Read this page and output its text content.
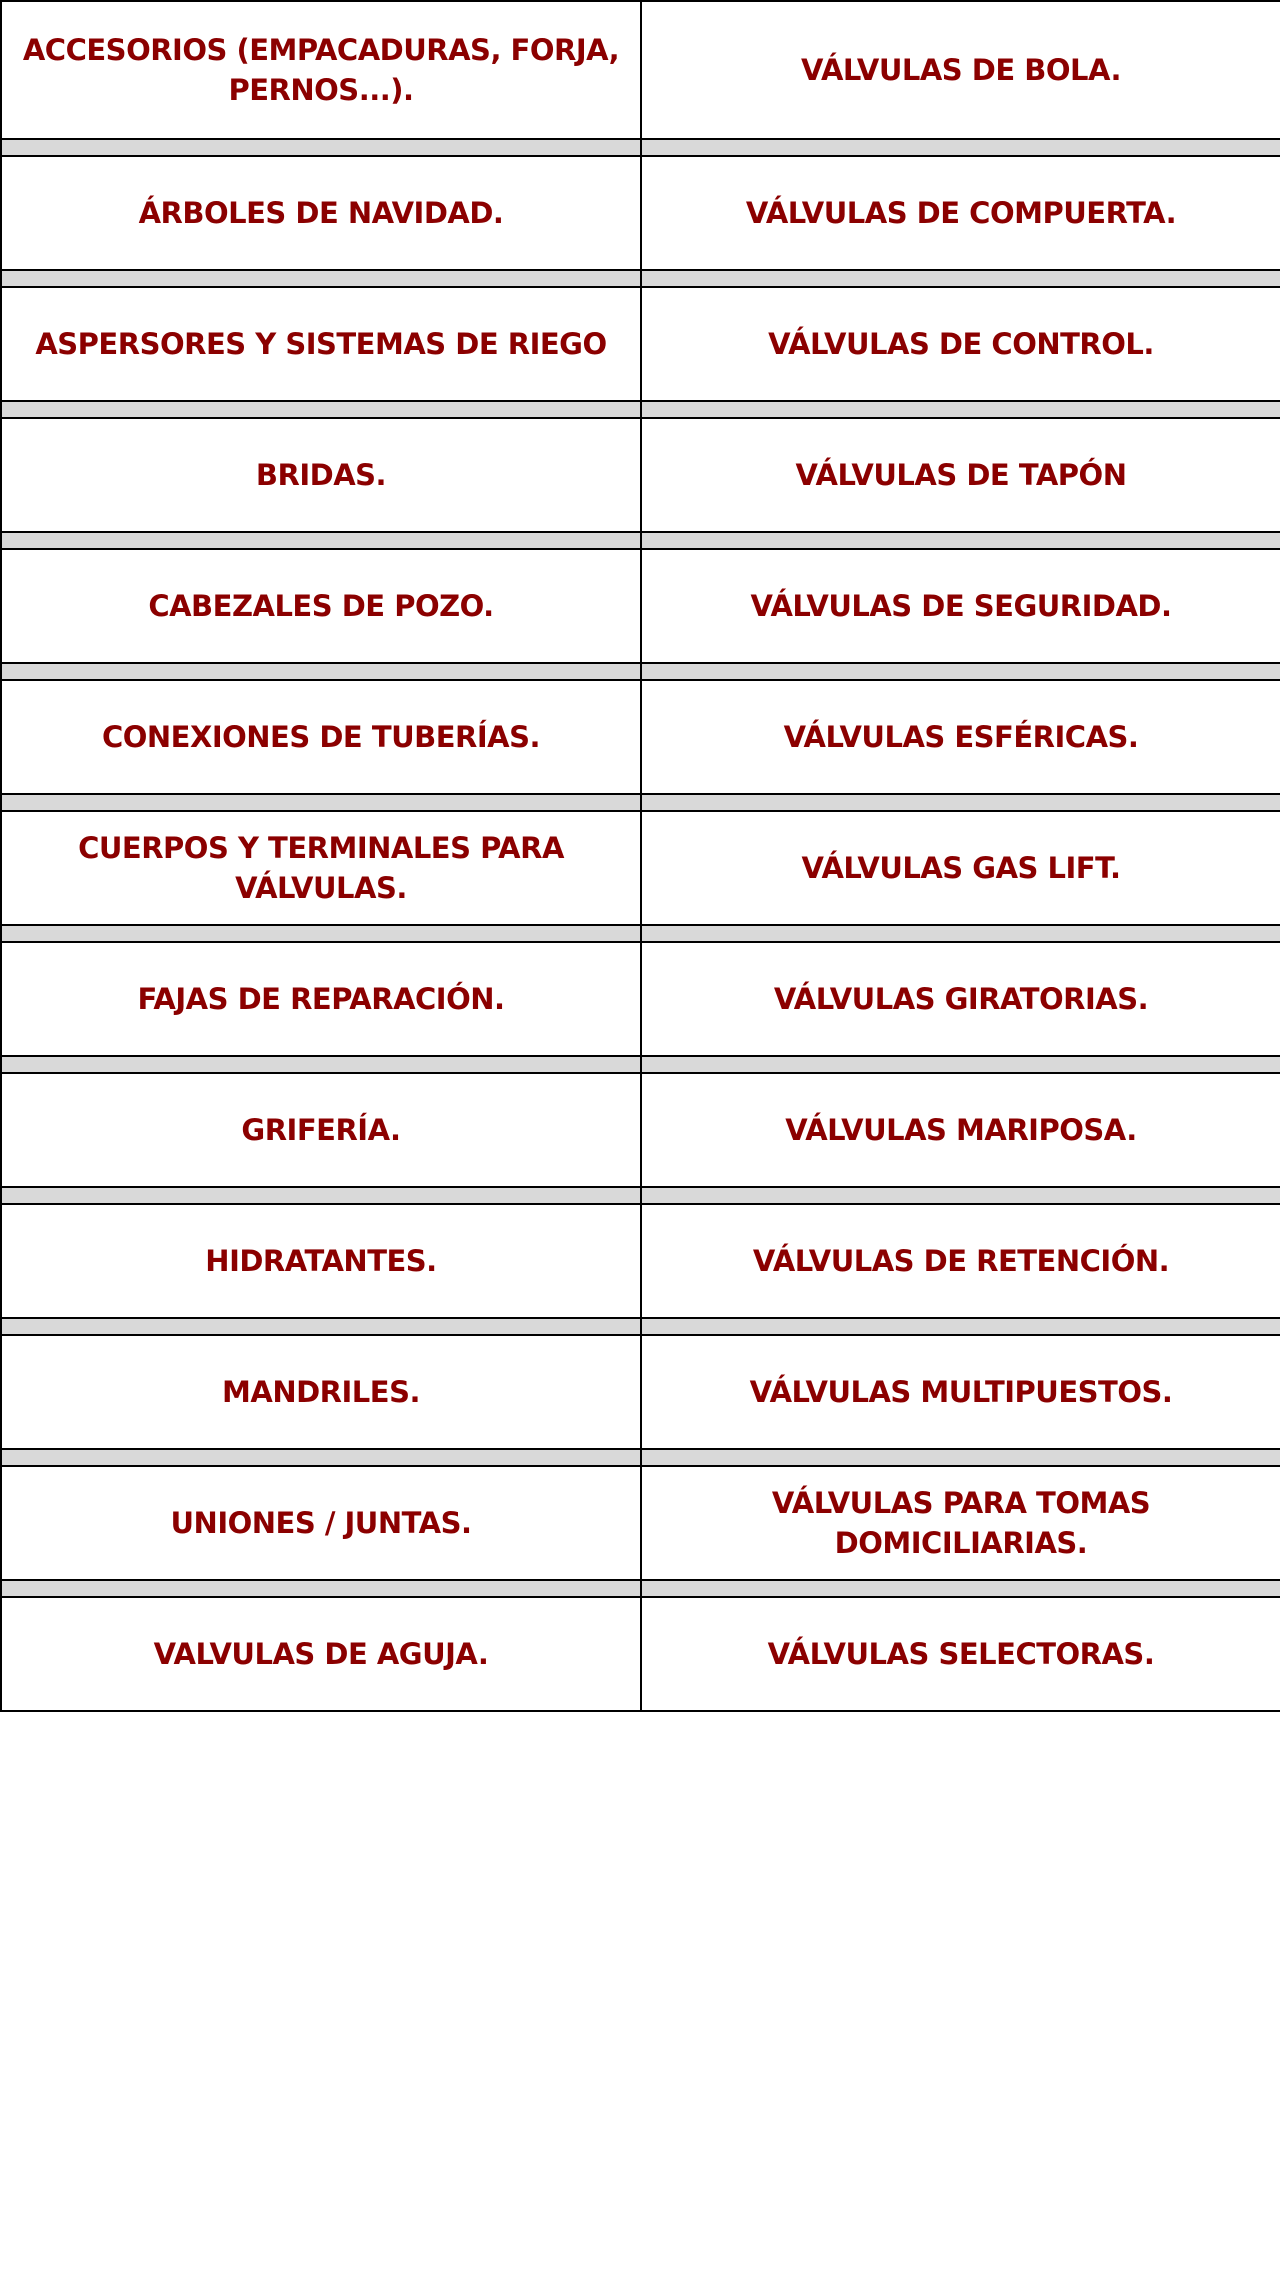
ACCESORIOS (EMPACADURAS, FORJA, PERNOS...).	VÁLVULAS DE BOLA.

ÁRBOLES DE NAVIDAD.	VÁLVULAS DE COMPUERTA.

ASPERSORES Y SISTEMAS DE RIEGO	VÁLVULAS DE CONTROL.

BRIDAS.	VÁLVULAS DE TAPÓN

CABEZALES DE POZO.	VÁLVULAS DE SEGURIDAD.

CONEXIONES DE TUBERÍAS.	VÁLVULAS ESFÉRICAS.

CUERPOS Y TERMINALES PARA VÁLVULAS.	VÁLVULAS GAS LIFT.

FAJAS DE REPARACIÓN.	VÁLVULAS GIRATORIAS.

GRIFERÍA.	VÁLVULAS MARIPOSA.

HIDRATANTES.	VÁLVULAS DE RETENCIÓN.

MANDRILES.	VÁLVULAS MULTIPUESTOS.

UNIONES / JUNTAS.	VÁLVULAS PARA TOMAS DOMICILIARIAS.

VALVULAS DE AGUJA.	VÁLVULAS SELECTORAS.
